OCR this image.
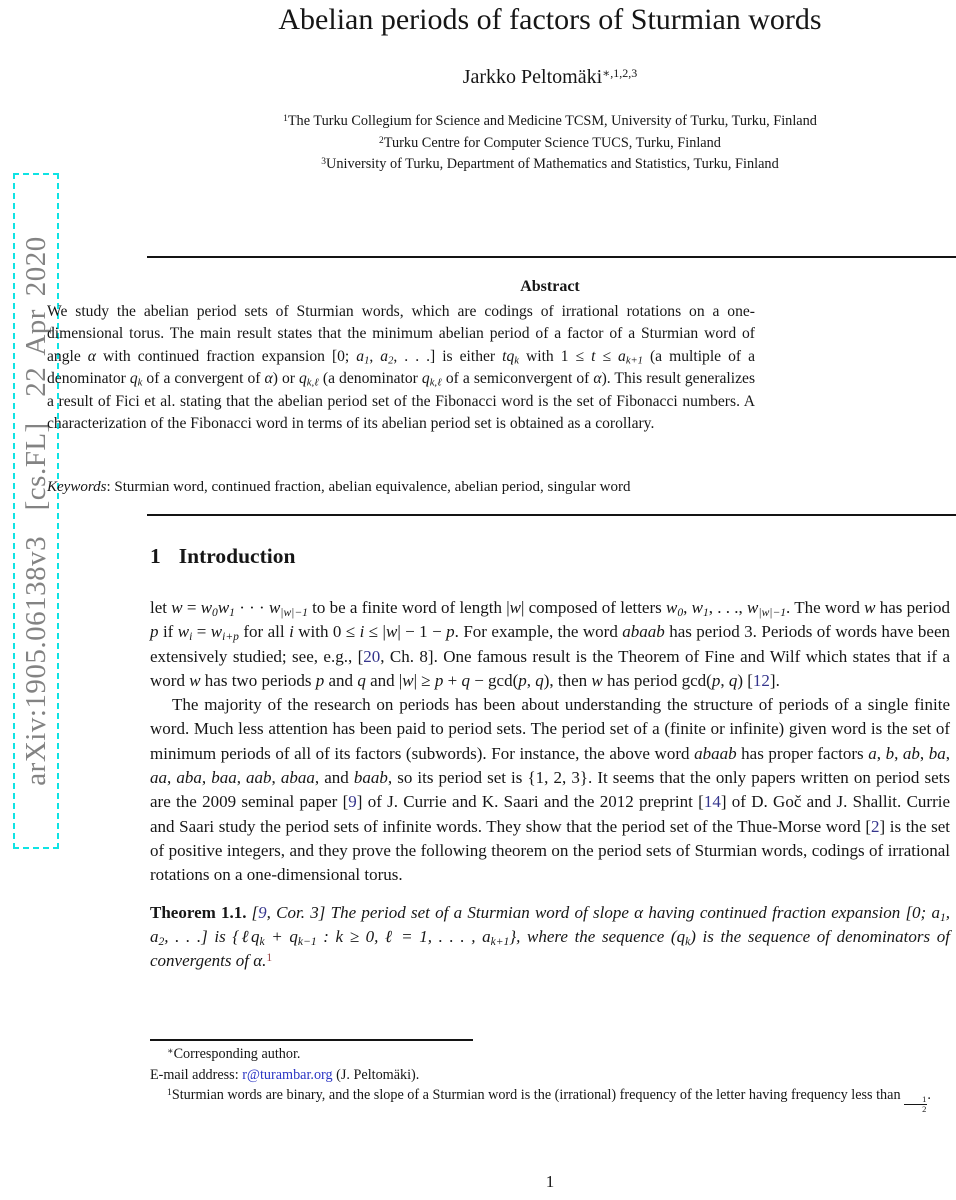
arXiv:1905.06138v3  [cs.FL]  22 Apr 2020
Abelian periods of factors of Sturmian words
Jarkko Peltomäki$^{∗,1,2,3}$
$^1$The Turku Collegium for Science and Medicine TCSM, University of Turku, Turku, Finland
$^2$Turku Centre for Computer Science TUCS, Turku, Finland
$^3$University of Turku, Department of Mathematics and Statistics, Turku, Finland
Abstract
We study the abelian period sets of Sturmian words, which are codings of irrational rotations on a one-dimensional torus. The main result states that the minimum abelian period of a factor of a Sturmian word of angle α with continued fraction expansion [0; $a_1$, $a_2$, . . .] is either $tq_k$ with $1 \le t \le a_{k+1}$ (a multiple of a denominator $q_k$ of a convergent of α) or $q_{k,\ell}$ (a denominator $q_{k,\ell}$ of a semiconvergent of α). This result generalizes a result of Fici et al. stating that the abelian period set of the Fibonacci word is the set of Fibonacci numbers. A characterization of the Fibonacci word in terms of its abelian period set is obtained as a corollary.
Keywords: Sturmian word, continued fraction, abelian equivalence, abelian period, singular word
1 Introduction

let $w = w_0w_1$ · · · $w_{|w|-1}$ to be a finite word of length |w| composed of letters $w_0$, $w_1$, . . ., $w_{|w|-1}$. The word w has period p if $w_i = w_{i+p}$ for all i with 0 ≤ i ≤ |w| − 1 − p. For example, the word abaab has period 3. Periods of words have been extensively studied; see, e.g., [20, Ch. 8]. One famous result is the Theorem of Fine and Wilf which states that if a word w has two periods p and q and |w| ≥ p + q − gcd(p, q), then w has period gcd(p, q) [12].

The majority of the research on periods has been about understanding the structure of periods of a single finite word. Much less attention has been paid to period sets. The period set of a (finite or infinite) given word is the set of minimum periods of all of its factors (subwords). For instance, the above word abaab has proper factors a, b, ab, ba, aa, aba, baa, aab, abaa, and baab, so its period set is {1, 2, 3}. It seems that the only papers written on period sets are the 2009 seminal paper [9] of J. Currie and K. Saari and the 2012 preprint [14] of D. Goč and J. Shallit. Currie and Saari study the period sets of infinite words. They show that the period set of the Thue-Morse word [2] is the set of positive integers, and they prove the following theorem on the period sets of Sturmian words, codings of irrational rotations on a one-dimensional torus.

Theorem 1.1. [9, Cor. 3] The period set of a Sturmian word of slope α having continued fraction expansion [0; $a_1$, $a_2$, . . .] is {ℓq$_k$ + $q_{k-1}$ : k ≥ 0, ℓ = 1, . . . , $a_{k+1}$}, where the sequence $(q_k)$ is the sequence of denominators of convergents of α.$^1$

∗Corresponding author.

E-mail address: r@turambar.org (J. Peltomäki).

$^1$Sturmian words are binary, and the slope of a Sturmian word is the (irrational) frequency of the letter having frequency less than $\frac{1}{2}$ .

1
